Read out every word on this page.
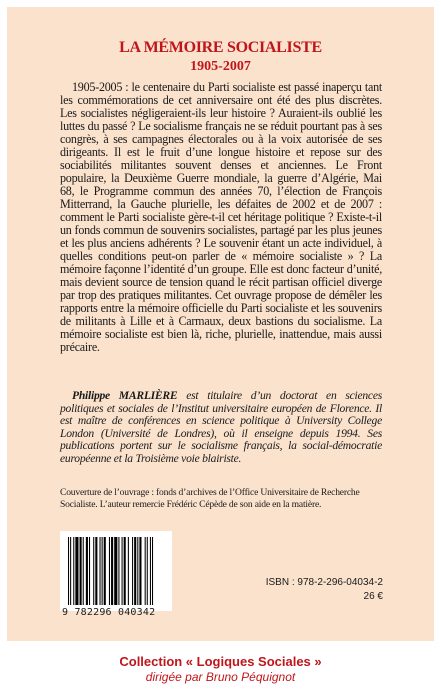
LA MÉMOIRE SOCIALISTE
1905-2007

1905-2005 : le centenaire du Parti socialiste est passé inaperçu tant les commémorations de cet anniversaire ont été des plus discrètes. Les socialistes négligeraient-ils leur histoire ? Auraient-ils oublié les luttes du passé ? Le socialisme français ne se réduit pourtant pas à ses congrès, à ses campagnes électorales ou à la voix autorisée de ses dirigeants. Il est le fruit d’une longue histoire et repose sur des sociabilités militantes souvent denses et anciennes. Le Front populaire, la Deuxième Guerre mondiale, la guerre d’Algérie, Mai 68, le Programme commun des années 70, l’élection de François Mitterrand, la Gauche plurielle, les défaites de 2002 et de 2007 : comment le Parti socialiste gère-t-il cet héritage politique ? Existe-t-il un fonds commun de souvenirs socialistes, partagé par les plus jeunes et les plus anciens adhérents ? Le souvenir étant un acte individuel, à quelles conditions peut-on parler de « mémoire socialiste » ? La mémoire façonne l’identité d’un groupe. Elle est donc facteur d’unité, mais devient source de tension quand le récit partisan officiel diverge par trop des pratiques militantes. Cet ouvrage propose de démêler les rapports entre la mémoire officielle du Parti socialiste et les souvenirs de militants à Lille et à Carmaux, deux bastions du socialisme. La mémoire socialiste est bien là, riche, plurielle, inattendue, mais aussi précaire.

Philippe MARLIÈRE est titulaire d’un doctorat en sciences politiques et sociales de l’Institut universitaire européen de Florence. Il est maître de conférences en science politique à University College London (Université de Londres), où il enseigne depuis 1994. Ses publications portent sur le socialisme français, la social-démocratie européenne et la Troisième voie blairiste.

Couverture de l’ouvrage : fonds d’archives de l’Office Universitaire de Recherche Socialiste. L’auteur remercie Frédéric Cépède de son aide en la matière.

9 782296 040342
ISBN : 978-2-296-04034-2
26 €
Collection « Logiques Sociales »
dirigée par Bruno Péquignot
